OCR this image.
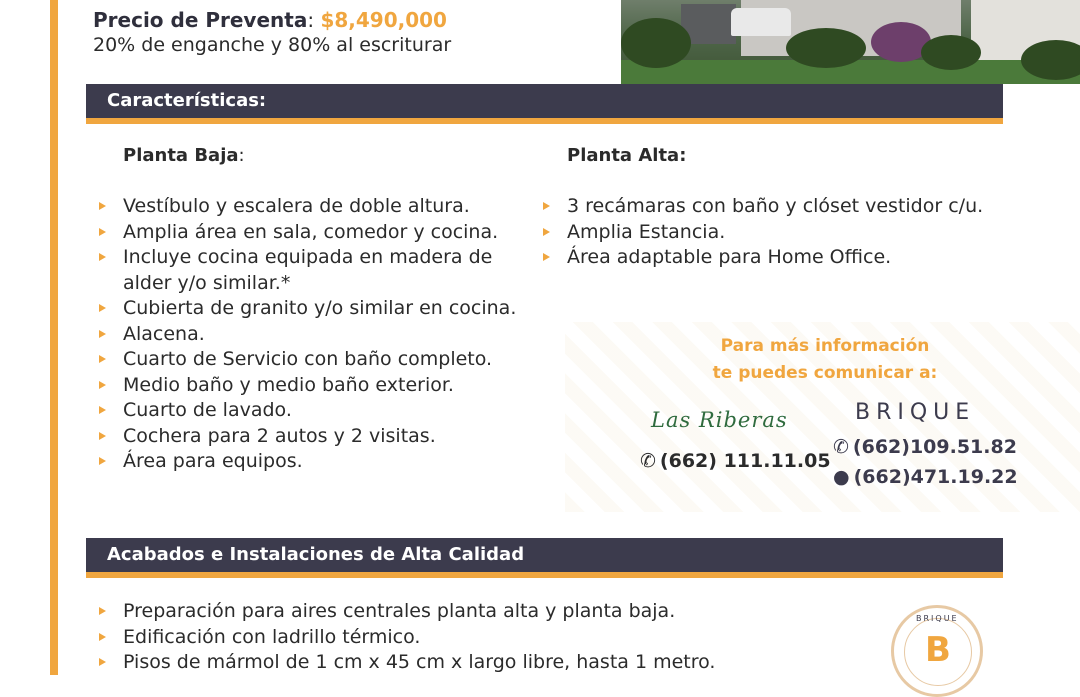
Precio de Preventa: $8,490,000
20% de enganche y 80% al escriturar
Características:
Planta Baja:	Planta Alta:
Vestíbulo y escalera de doble altura.
Amplia área en sala, comedor y cocina.
Incluye cocina equipada en madera de alder y/o similar.*
Cubierta de granito y/o similar en cocina.
Alacena.
Cuarto de Servicio con baño completo.
Medio baño y medio baño exterior.
Cuarto de lavado.
Cochera para 2 autos y 2 visitas.
Área para equipos.
3 recámaras con baño y clóset vestidor c/u.
Amplia Estancia.
Área adaptable para Home Office.
Para más información
te puedes comunicar a:
Las Riberas
✆ (662) 111.11.05
BRIQUE
✆ (662)109.51.82
● (662)471.19.22
Acabados e Instalaciones de Alta Calidad
Preparación para aires centrales planta alta y planta baja.
Edificación con ladrillo térmico.
Pisos de mármol de 1 cm x 45 cm x largo libre, hasta 1 metro.
BRIQUE
B
